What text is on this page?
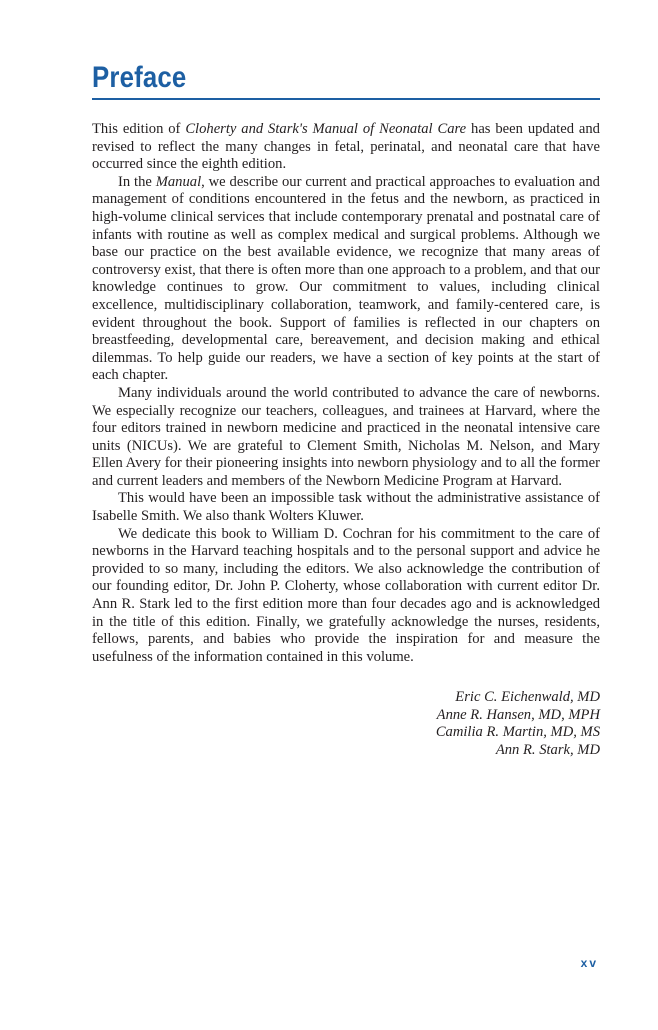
Preface

This edition of Cloherty and Stark's Manual of Neonatal Care has been updated and revised to reflect the many changes in fetal, perinatal, and neonatal care that have occurred since the eighth edition.

In the Manual, we describe our current and practical approaches to evaluation and management of conditions encountered in the fetus and the newborn, as practiced in high-volume clinical services that include contemporary prenatal and postnatal care of infants with routine as well as complex medical and surgical problems. Although we base our practice on the best available evidence, we recognize that many areas of controversy exist, that there is often more than one approach to a problem, and that our knowledge continues to grow. Our commitment to values, including clinical excellence, multidisciplinary collaboration, teamwork, and family-centered care, is evident throughout the book. Support of families is reflected in our chapters on breastfeeding, developmental care, bereavement, and decision making and ethical dilemmas. To help guide our readers, we have a section of key points at the start of each chapter.

Many individuals around the world contributed to advance the care of newborns. We especially recognize our teachers, colleagues, and trainees at Harvard, where the four editors trained in newborn medicine and practiced in the neonatal intensive care units (NICUs). We are grateful to Clement Smith, Nicholas M. Nelson, and Mary Ellen Avery for their pioneering insights into newborn physiology and to all the former and current leaders and members of the Newborn Medicine Program at Harvard.

This would have been an impossible task without the administrative assistance of Isabelle Smith. We also thank Wolters Kluwer.

We dedicate this book to William D. Cochran for his commitment to the care of newborns in the Harvard teaching hospitals and to the personal support and advice he provided to so many, including the editors. We also acknowledge the contribution of our founding editor, Dr. John P. Cloherty, whose collaboration with current editor Dr. Ann R. Stark led to the first edition more than four decades ago and is acknowledged in the title of this edition. Finally, we gratefully acknowledge the nurses, residents, fellows, parents, and babies who provide the inspiration for and measure the usefulness of the information contained in this volume.

Eric C. Eichenwald, MD
Anne R. Hansen, MD, MPH
Camilia R. Martin, MD, MS
Ann R. Stark, MD
xv
